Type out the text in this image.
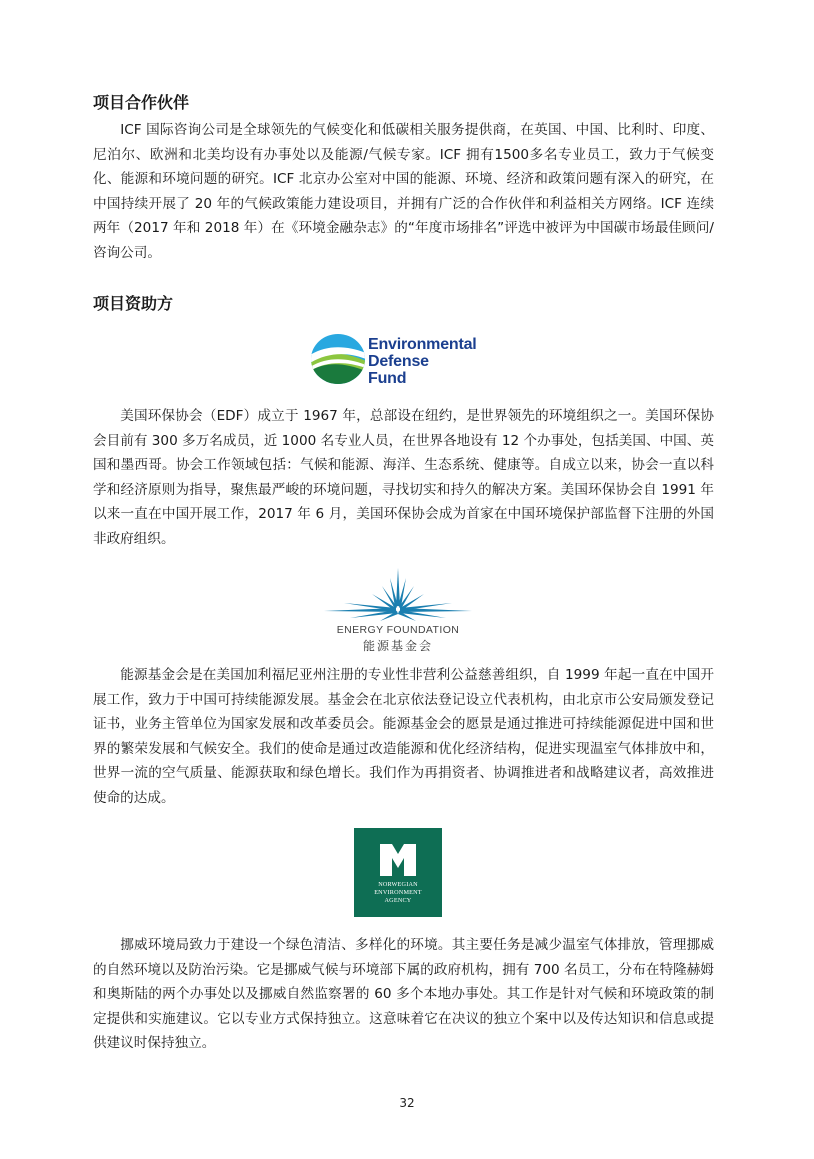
项目合作伙伴

ICF 国际咨询公司是全球领先的气候变化和低碳相关服务提供商，在英国、中国、比利时、印度、尼泊尔、欧洲和北美均设有办事处以及能源/气候专家。ICF 拥有1500多名专业员工，致力于气候变化、能源和环境问题的研究。ICF 北京办公室对中国的能源、环境、经济和政策问题有深入的研究，在中国持续开展了 20 年的气候政策能力建设项目，并拥有广泛的合作伙伴和利益相关方网络。ICF 连续两年（2017 年和 2018 年）在《环境金融杂志》的“年度市场排名”评选中被评为中国碳市场最佳顾问/咨询公司。

项目资助方
Environmental
Defense
Fund

美国环保协会（EDF）成立于 1967 年，总部设在纽约，是世界领先的环境组织之一。美国环保协会目前有 300 多万名成员，近 1000 名专业人员，在世界各地设有 12 个办事处，包括美国、中国、英国和墨西哥。协会工作领域包括：气候和能源、海洋、生态系统、健康等。自成立以来，协会一直以科学和经济原则为指导，聚焦最严峻的环境问题，寻找切实和持久的解决方案。美国环保协会自 1991 年以来一直在中国开展工作，2017 年 6 月，美国环保协会成为首家在中国环境保护部监督下注册的外国非政府组织。

ENERGY FOUNDATION
能源基金会

能源基金会是在美国加利福尼亚州注册的专业性非营利公益慈善组织，自 1999 年起一直在中国开展工作，致力于中国可持续能源发展。基金会在北京依法登记设立代表机构，由北京市公安局颁发登记证书，业务主管单位为国家发展和改革委员会。能源基金会的愿景是通过推进可持续能源促进中国和世界的繁荣发展和气候安全。我们的使命是通过改造能源和优化经济结构，促进实现温室气体排放中和，世界一流的空气质量、能源获取和绿色增长。我们作为再捐资者、协调推进者和战略建议者，高效推进使命的达成。

NORWEGIAN
ENVIRONMENT
AGENCY

挪威环境局致力于建设一个绿色清洁、多样化的环境。其主要任务是减少温室气体排放，管理挪威的自然环境以及防治污染。它是挪威气候与环境部下属的政府机构，拥有 700 名员工，分布在特隆赫姆和奥斯陆的两个办事处以及挪威自然监察署的 60 多个本地办事处。其工作是针对气候和环境政策的制定提供和实施建议。它以专业方式保持独立。这意味着它在决议的独立个案中以及传达知识和信息或提供建议时保持独立。

32
